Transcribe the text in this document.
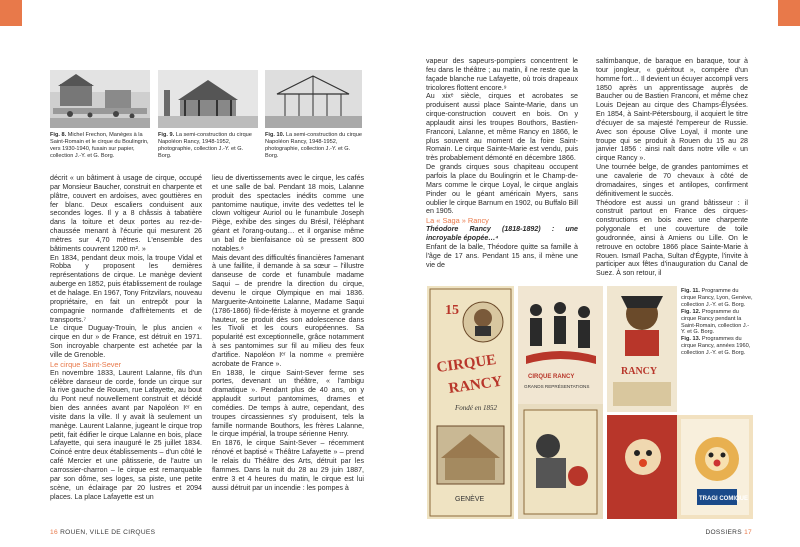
Fig. 8. Michel Frechon, Manèges à la Saint-Romain et le cirque du Boulingrin, vers 1930-1940, fusain sur papier, collection J.-Y. et G. Borg.
Fig. 9. La semi-construction du cirque Napoléon Rancy, 1948-1952, photographie, collection J.-Y. et G. Borg.
Fig. 10. La semi-construction du cirque Napoléon Rancy, 1948-1952, photographie, collection J.-Y. et G. Borg.

décrit « un bâtiment à usage de cirque, occupé par Monsieur Baucher, construit en charpente et plâtre, couvert en ardoises, avec gouttières en fer blanc. Deux escaliers conduisent aux secondes loges. Il y a 8 châssis à tabatière dans la toiture et deux portes au rez-de-chaussée menant à l'écurie qui mesurent 26 mètres sur 4,70 mètres. L'ensemble des bâtiments couvrent 1200 m². »

En 1834, pendant deux mois, la troupe Vidal et Robba y proposent les dernières représentations de cirque. Le manège devient auberge en 1852, puis établissement de roulage et de halage. En 1967, Tony Fritzvilars, nouveau propriétaire, en fait un entrepôt pour la compagnie normande d'affrètements et de transports.⁷

Le cirque Duguay-Trouin, le plus ancien « cirque en dur » de France, est détruit en 1971. Son incroyable charpente est achetée par la ville de Grenoble.

Le cirque Saint-Sever

En novembre 1833, Laurent Lalanne, fils d'un célèbre danseur de corde, fonde un cirque sur la rive gauche de Rouen, rue Lafayette, au bout du Pont neuf nouvellement construit et décidé bien des années avant par Napoléon Iᵉʳ en visite dans la ville. Il y avait là seulement un manège. Laurent Lalanne, jugeant le cirque trop petit, fait édifier le cirque Lalanne en bois, place Lafayette, qui sera inauguré le 25 juillet 1834. Coincé entre deux établissements – d'un côté le café Mercier et une pâtisserie, de l'autre un carrossier-charron – le cirque est remarquable par son dôme, ses loges, sa piste, une petite scène, un éclairage par 20 lustres et 2094 places. La place Lafayette est un

lieu de divertissements avec le cirque, les cafés et une salle de bal. Pendant 18 mois, Lalanne produit des spectacles inédits comme une pantomime nautique, invite des vedettes tel le clown voltigeur Auriol ou le funambule Joseph Piège, exhibe des singes du Brésil, l'éléphant géant et l'orang-outang… et il organise même un bal de bienfaisance où se pressent 800 notables.⁸

Mais devant des difficultés financières l'amenant à une faillite, il demande à sa sœur – l'illustre danseuse de corde et funambule madame Saqui – de prendre la direction du cirque, devenu le cirque Olympique en mai 1836. Marguerite-Antoinette Lalanne, Madame Saqui (1786-1866) fil-de-fériste à moyenne et grande hauteur, se produit dès son adolescence dans les Tivoli et les cours européennes. Sa popularité est exceptionnelle, grâce notamment à ses pantomimes sur fil au milieu des feux d'artifice. Napoléon Iᵉʳ la nomme « première acrobate de France ».

En 1838, le cirque Saint-Sever ferme ses portes, devenant un théâtre, « l'ambigu dramatique ». Pendant plus de 40 ans, on y applaudit surtout pantomimes, drames et comédies. De temps à autre, cependant, des troupes circassiennes s'y produisent, tels la famille normande Bouthors, les frères Lalanne, le cirque impérial, la troupe sérienne Henry.

En 1876, le cirque Saint-Sever – récemment rénové et baptisé « Théâtre Lafayette » – prend le relais du Théâtre des Arts, détruit par les flammes. Dans la nuit du 28 au 29 juin 1887, entre 3 et 4 heures du matin, le cirque est lui aussi détruit par un incendie : les pompes à

vapeur des sapeurs-pompiers concentrent le feu dans le théâtre ; au matin, il ne reste que la façade blanche rue Lafayette, où trois drapeaux tricolores flottent encore.⁹

Au xixᵉ siècle, cirques et acrobates se produisent aussi place Sainte-Marie, dans un cirque-construction couvert en bois. On y applaudit ainsi les troupes Bouthors, Bastien-Franconi, Lalanne, et même Rancy en 1866, le plus souvent au moment de la foire Saint-Romain. Le cirque Sainte-Marie est vendu, puis très probablement démonté en décembre 1866.

De grands cirques sous chapiteau occupent parfois la place du Boulingrin et le Champ-de-Mars comme le cirque Loyal, le cirque anglais Pinder ou le géant américain Myers, sans oublier le cirque Barnum en 1902, ou Buffalo Bill en 1905.

La « Saga » Rancy

Théodore Rancy (1818-1892) : une incroyable épopée…⁴

Enfant de la balle, Théodore quitte sa famille à l'âge de 17 ans. Pendant 15 ans, il mène une vie de

saltimbanque, de baraque en baraque, tour à tour jongleur, « guéritout », compère d'un homme fort… Il devient un écuyer accompli vers 1850 après un apprentissage auprès de Baucher ou de Bastien Franconi, et même chez Louis Dejean au cirque des Champs-Élysées. En 1854, à Saint-Pétersbourg, il acquiert le titre d'écuyer de sa majesté l'empereur de Russie. Avec son épouse Olive Loyal, il monte une troupe qui se produit à Rouen du 15 au 28 janvier 1856 : ainsi naît dans notre ville « un cirque Rancy ».

Une tournée belge, de grandes pantomimes et une cavalerie de 70 chevaux à côté de dromadaires, singes et antilopes, confirment définitivement le succès.

Théodore est aussi un grand bâtisseur : il construit partout en France des cirques-constructions en bois avec une charpente polygonale et une couverture de toile goudronnée, ainsi à Amiens ou Lille. On le retrouve en octobre 1866 place Sainte-Marie à Rouen. Ismaïl Pacha, Sultan d'Égypte, l'invite à participer aux fêtes d'inauguration du Canal de Suez. À son retour, il

15
CIRQUE
RANCY
Fondé en 1852
GENÈVE
CIRQUE RANCY
GRANDS REPRÉSENTATIONS
RANCY
TRAGI COMIQUE
Fig. 11. Programme du cirque Rancy, Lyon, Genève, collection J.-Y. et G. Borg.
Fig. 12. Programme du cirque Rancy pendant la Saint-Romain, collection J.-Y. et G. Borg.
Fig. 13. Programmes du cirque Rancy, années 1960, collection J.-Y. et G. Borg.
16 ROUEN, VILLE DE CIRQUES	DOSSIERS 17
